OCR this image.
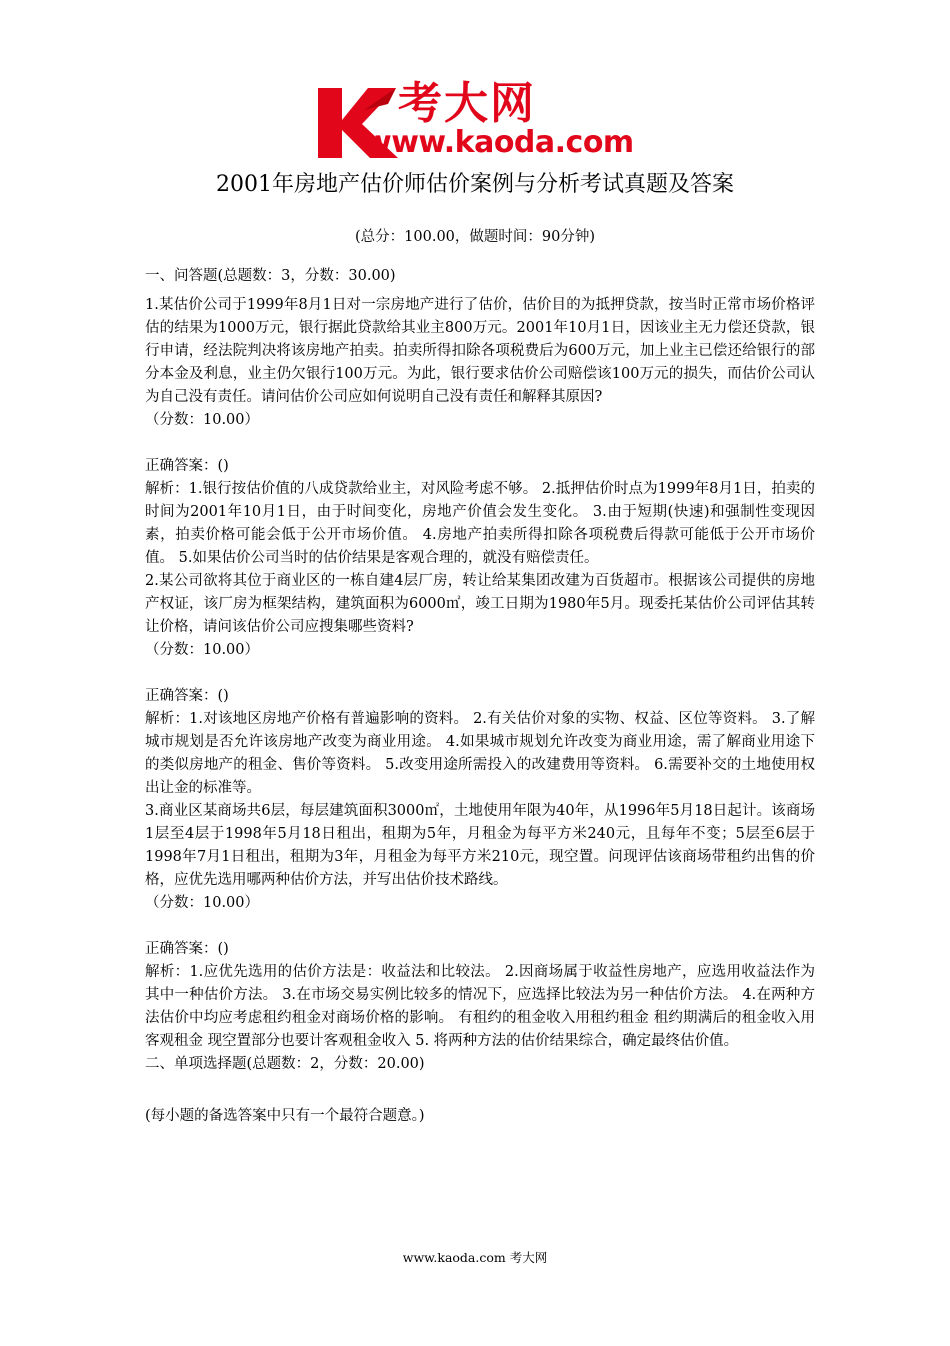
考大网
www.kaoda.com
2001年房地产估价师估价案例与分析考试真题及答案
(总分：100.00，做题时间：90分钟)

一、问答题(总题数：3，分数：30.00)

1.某估价公司于1999年8月1日对一宗房地产进行了估价，估价目的为抵押贷款，按当时正常市场价格评估的结果为1000万元，银行据此贷款给其业主800万元。2001年10月1日，因该业主无力偿还贷款，银行申请，经法院判决将该房地产拍卖。拍卖所得扣除各项税费后为600万元，加上业主已偿还给银行的部分本金及利息，业主仍欠银行100万元。为此，银行要求估价公司赔偿该100万元的损失，而估价公司认为自己没有责任。请问估价公司应如何说明自己没有责任和解释其原因?

（分数：10.00）

正确答案：()

解析：1.银行按估价值的八成贷款给业主，对风险考虑不够。 2.抵押估价时点为1999年8月1日，拍卖的时间为2001年10月1日，由于时间变化，房地产价值会发生变化。 3.由于短期(快速)和强制性变现因素，拍卖价格可能会低于公开市场价值。 4.房地产拍卖所得扣除各项税费后得款可能低于公开市场价值。 5.如果估价公司当时的估价结果是客观合理的，就没有赔偿责任。

2.某公司欲将其位于商业区的一栋自建4层厂房，转让给某集团改建为百货超市。根据该公司提供的房地产权证，该厂房为框架结构，建筑面积为6000㎡，竣工日期为1980年5月。现委托某估价公司评估其转让价格，请问该估价公司应搜集哪些资料?

（分数：10.00）

正确答案：()

解析：1.对该地区房地产价格有普遍影响的资料。 2.有关估价对象的实物、权益、区位等资料。 3.了解城市规划是否允许该房地产改变为商业用途。 4.如果城市规划允许改变为商业用途，需了解商业用途下的类似房地产的租金、售价等资料。 5.改变用途所需投入的改建费用等资料。 6.需要补交的土地使用权出让金的标准等。

3.商业区某商场共6层，每层建筑面积3000㎡，土地使用年限为40年，从1996年5月18日起计。该商场1层至4层于1998年5月18日租出，租期为5年，月租金为每平方米240元，且每年不变；5层至6层于1998年7月1日租出，租期为3年，月租金为每平方米210元，现空置。问现评估该商场带租约出售的价格，应优先选用哪两种估价方法，并写出估价技术路线。

（分数：10.00）

正确答案：()

解析：1.应优先选用的估价方法是：收益法和比较法。 2.因商场属于收益性房地产，应选用收益法作为其中一种估价方法。 3.在市场交易实例比较多的情况下，应选择比较法为另一种估价方法。 4.在两种方法估价中均应考虑租约租金对商场价格的影响。 有租约的租金收入用租约租金 租约期满后的租金收入用客观租金 现空置部分也要计客观租金收入 5. 将两种方法的估价结果综合，确定最终估价值。

二、单项选择题(总题数：2，分数：20.00)

(每小题的备选答案中只有一个最符合题意。)

www.kaoda.com 考大网
